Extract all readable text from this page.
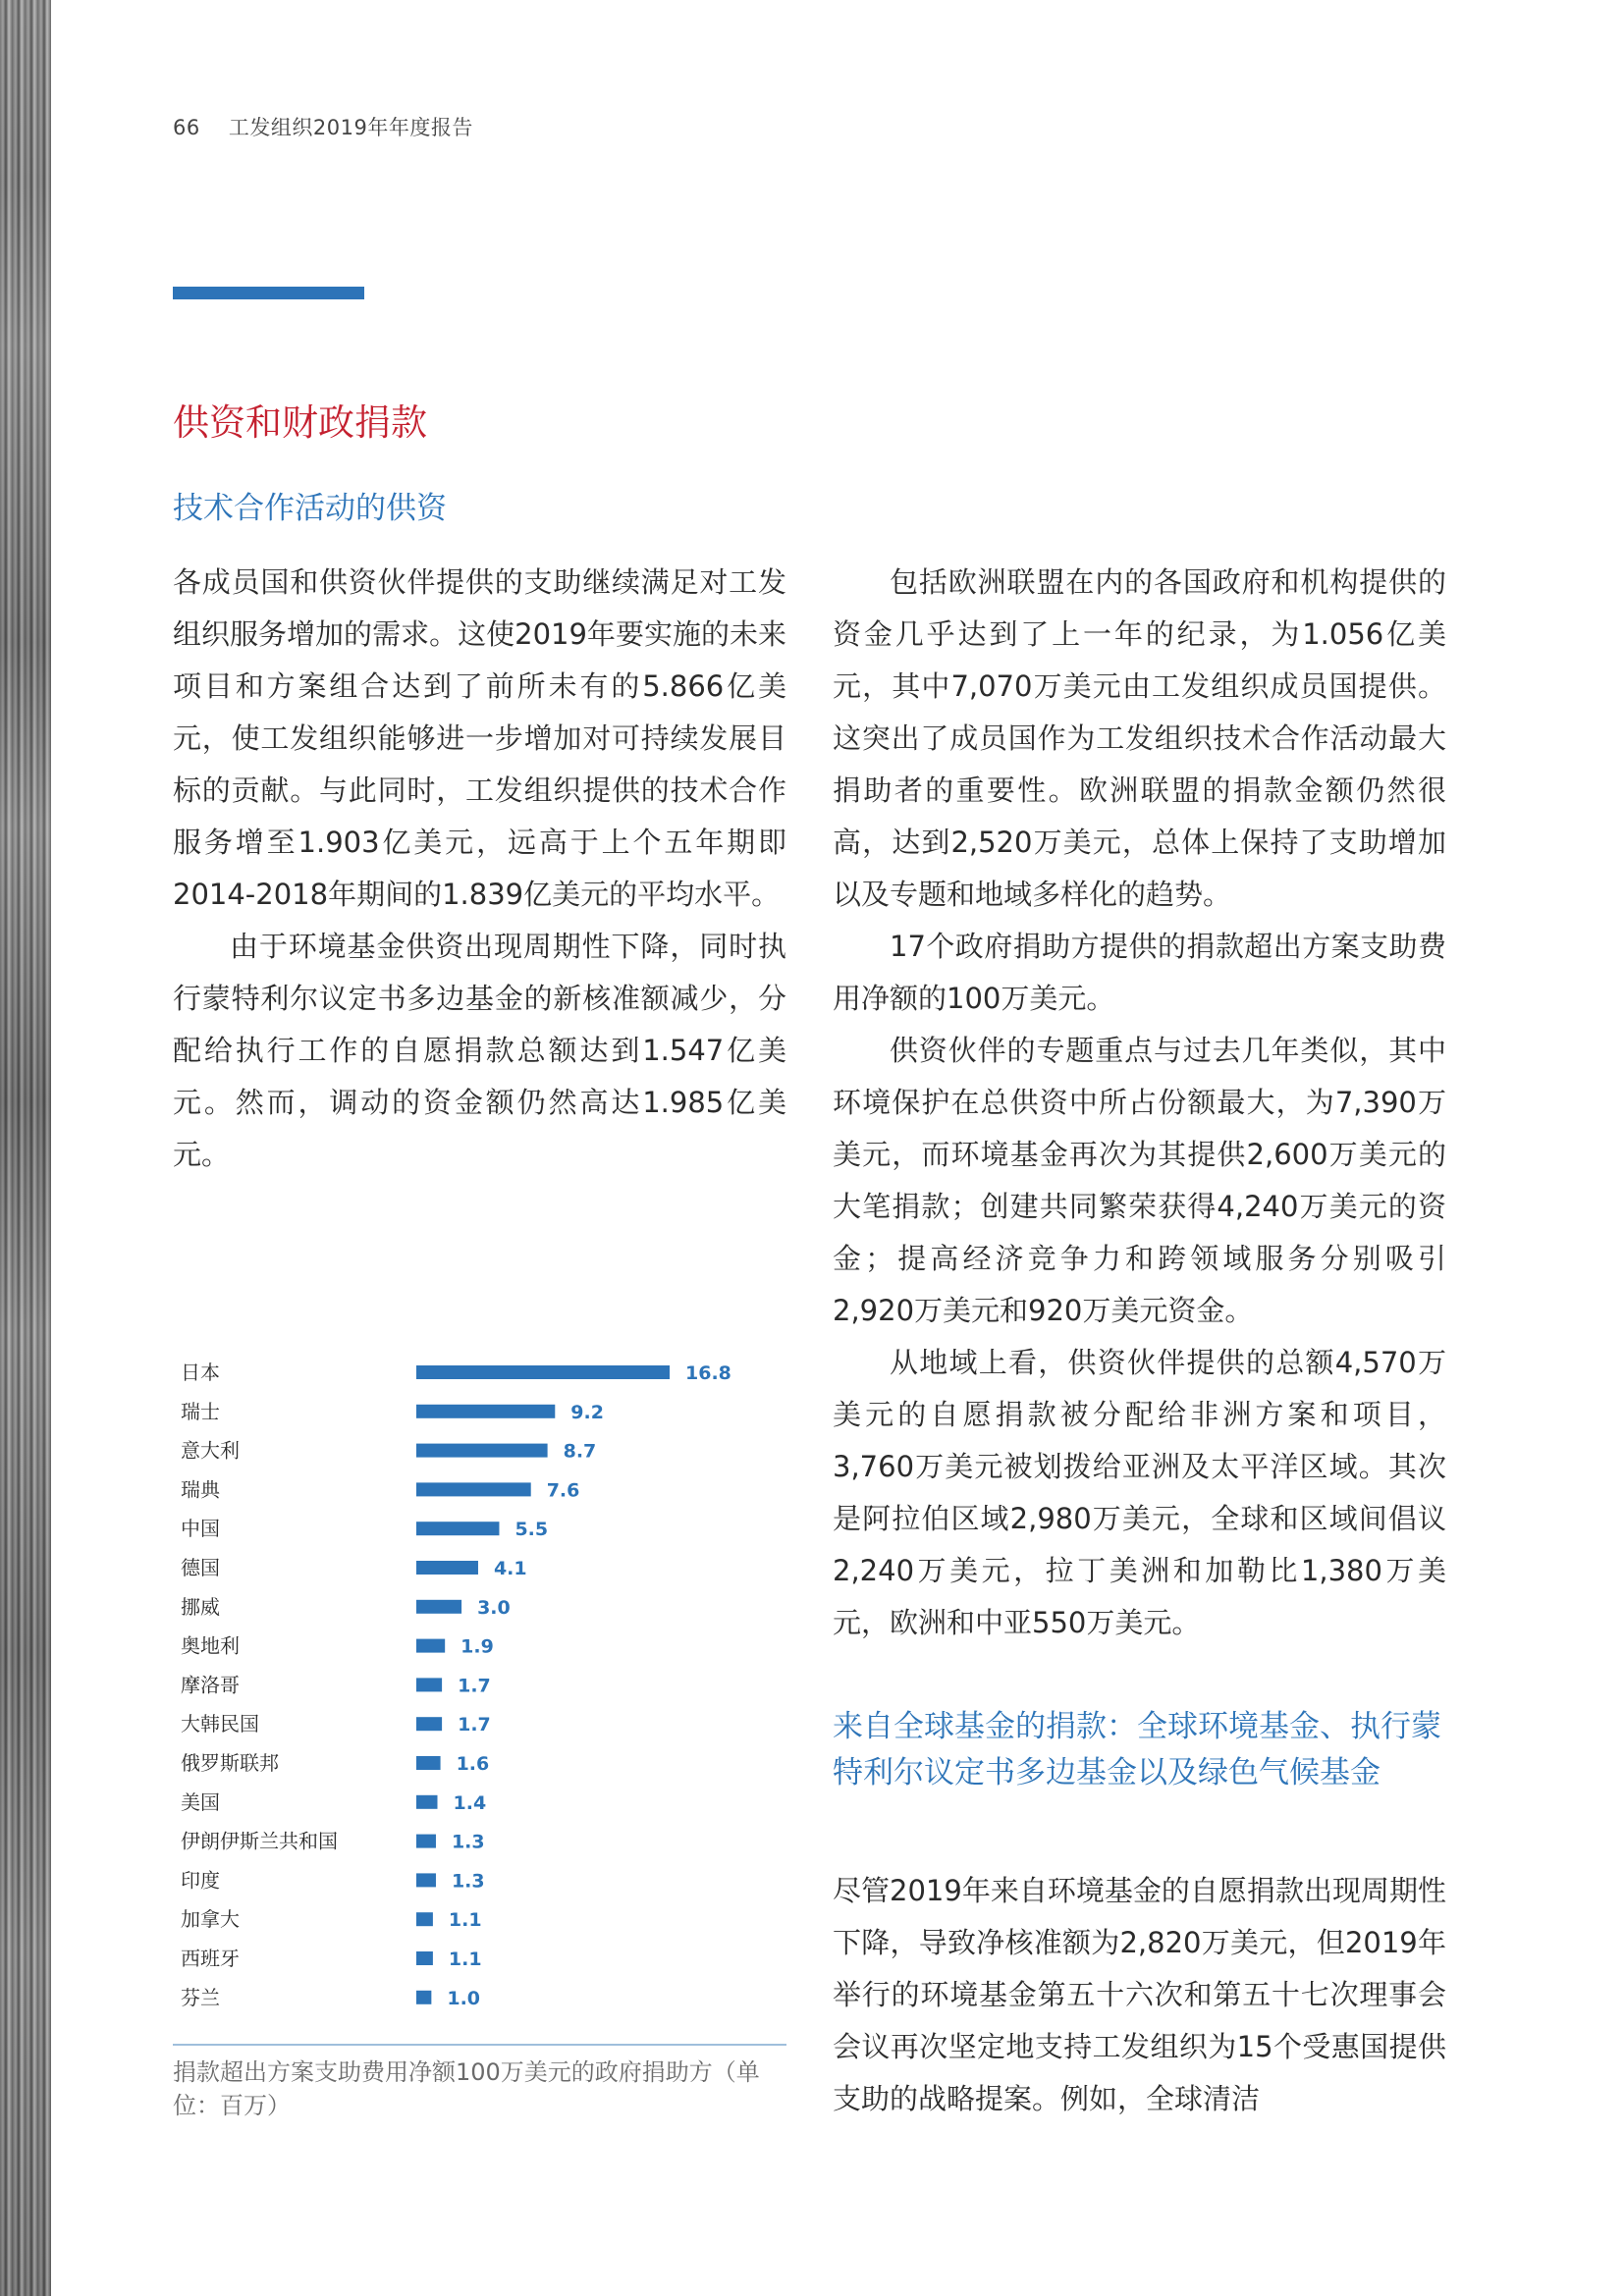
66 工发组织2019年年度报告
供资和财政捐款
技术合作活动的供资

各成员国和供资伙伴提供的支助继续满足对工发组织服务增加的需求。这使2019年要实施的未来项目和方案组合达到了前所未有的5.866亿美元，使工发组织能够进一步增加对可持续发展目标的贡献。与此同时，工发组织提供的技术合作服务增至1.903亿美元，远高于上个五年期即2014-2018年期间的1.839亿美元的平均水平。

由于环境基金供资出现周期性下降，同时执行蒙特利尔议定书多边基金的新核准额减少，分配给执行工作的自愿捐款总额达到1.547亿美元。然而，调动的资金额仍然高达1.985亿美元。

包括欧洲联盟在内的各国政府和机构提供的资金几乎达到了上一年的纪录，为1.056亿美元，其中7,070万美元由工发组织成员国提供。这突出了成员国作为工发组织技术合作活动最大捐助者的重要性。欧洲联盟的捐款金额仍然很高，达到2,520万美元，总体上保持了支助增加以及专题和地域多样化的趋势。

17个政府捐助方提供的捐款超出方案支助费用净额的100万美元。

供资伙伴的专题重点与过去几年类似，其中环境保护在总供资中所占份额最大，为7,390万美元，而环境基金再次为其提供2,600万美元的大笔捐款；创建共同繁荣获得4,240万美元的资金；提高经济竞争力和跨领域服务分别吸引2,920万美元和920万美元资金。

从地域上看，供资伙伴提供的总额4,570万美元的自愿捐款被分配给非洲方案和项目，3,760万美元被划拨给亚洲及太平洋区域。其次是阿拉伯区域2,980万美元，全球和区域间倡议2,240万美元，拉丁美洲和加勒比1,380万美元，欧洲和中亚550万美元。

来自全球基金的捐款：全球环境基金、执行蒙特利尔议定书多边基金以及绿色气候基金

尽管2019年来自环境基金的自愿捐款出现周期性下降，导致净核准额为2,820万美元，但2019年举行的环境基金第五十六次和第五十七次理事会会议再次坚定地支持工发组织为15个受惠国提供支助的战略提案。例如，全球清洁

日本	16.8
瑞士	9.2
意大利	8.7
瑞典	7.6
中国	5.5
德国	4.1
挪威	3.0
奥地利	1.9
摩洛哥	1.7
大韩民国	1.7
俄罗斯联邦	1.6
美国	1.4
伊朗伊斯兰共和国	1.3
印度	1.3
加拿大	1.1
西班牙	1.1
芬兰	1.0
捐款超出方案支助费用净额100万美元的政府捐助方（单位：百万）
